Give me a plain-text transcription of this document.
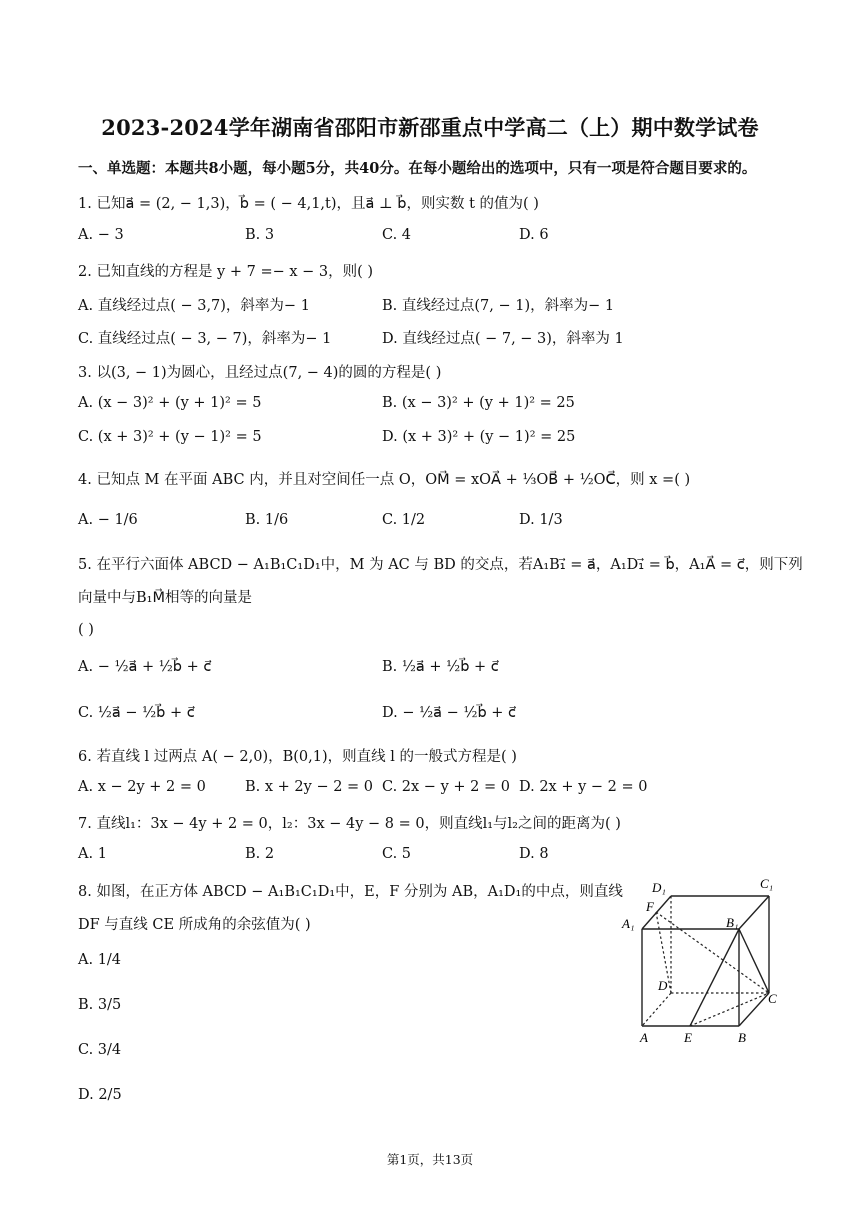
2023-2024学年湖南省邵阳市新邵重点中学高二（上）期中数学试卷
一、单选题：本题共8小题，每小题5分，共40分。在每小题给出的选项中，只有一项是符合题目要求的。
1. 已知a⃗ = (2, − 1,3)，b⃗ = ( − 4,1,t)，且a⃗ ⊥ b⃗，则实数 t 的值为( )
A. − 3	B. 3	C. 4	D. 6
2. 已知直线的方程是 y + 7 =− x − 3，则( )
A. 直线经过点( − 3,7)，斜率为− 1	B. 直线经过点(7, − 1)，斜率为− 1
C. 直线经过点( − 3, − 7)，斜率为− 1	D. 直线经过点( − 7, − 3)，斜率为 1
3. 以(3, − 1)为圆心，且经过点(7, − 4)的圆的方程是( )
A. (x − 3)² + (y + 1)² = 5	B. (x − 3)² + (y + 1)² = 25
C. (x + 3)² + (y − 1)² = 5	D. (x + 3)² + (y − 1)² = 25
4. 已知点 M 在平面 ABC 内，并且对空间任一点 O，OM⃗ = xOA⃗ + ⅓OB⃗ + ½OC⃗，则 x =( )
A. − 1/6	B. 1/6	C. 1/2	D. 1/3
5. 在平行六面体 ABCD − A₁B₁C₁D₁中，M 为 AC 与 BD 的交点，若A₁B₁⃗ = a⃗，A₁D₁⃗ = b⃗，A₁A⃗ = c⃗，则下列
向量中与B₁M⃗相等的向量是
( )
A. − ½a⃗ + ½b⃗ + c⃗	B. ½a⃗ + ½b⃗ + c⃗
C. ½a⃗ − ½b⃗ + c⃗	D. − ½a⃗ − ½b⃗ + c⃗
6. 若直线 l 过两点 A( − 2,0)，B(0,1)，则直线 l 的一般式方程是( )
A. x − 2y + 2 = 0	B. x + 2y − 2 = 0 C. 2x − y + 2 = 0 D. 2x + y − 2 = 0
7. 直线l₁：3x − 4y + 2 = 0，l₂：3x − 4y − 8 = 0，则直线l₁与l₂之间的距离为( )
A. 1	B. 2	C. 5	D. 8
8. 如图，在正方体 ABCD − A₁B₁C₁D₁中，E，F 分别为 AB，A₁D₁的中点，则直线
DF 与直线 CE 所成角的余弦值为( )
A. 1/4
B. 3/5
C. 3/4
D. 2/5
D₁	C₁
F
A₁	B₁
D
C
A	E	B
第1页，共13页
